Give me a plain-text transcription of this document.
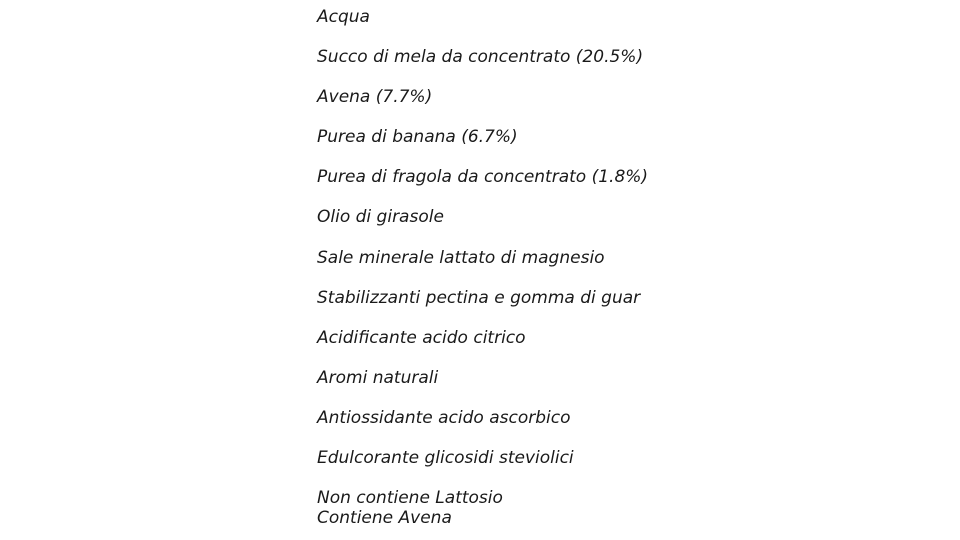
Acqua
Succo di mela da concentrato (20.5%)
Avena (7.7%)
Purea di banana (6.7%)
Purea di fragola da concentrato (1.8%)
Olio di girasole
Sale minerale lattato di magnesio
Stabilizzanti pectina e gomma di guar
Acidificante acido citrico
Aromi naturali
Antiossidante acido ascorbico
Edulcorante glicosidi steviolici
Non contiene Lattosio
Contiene Avena
